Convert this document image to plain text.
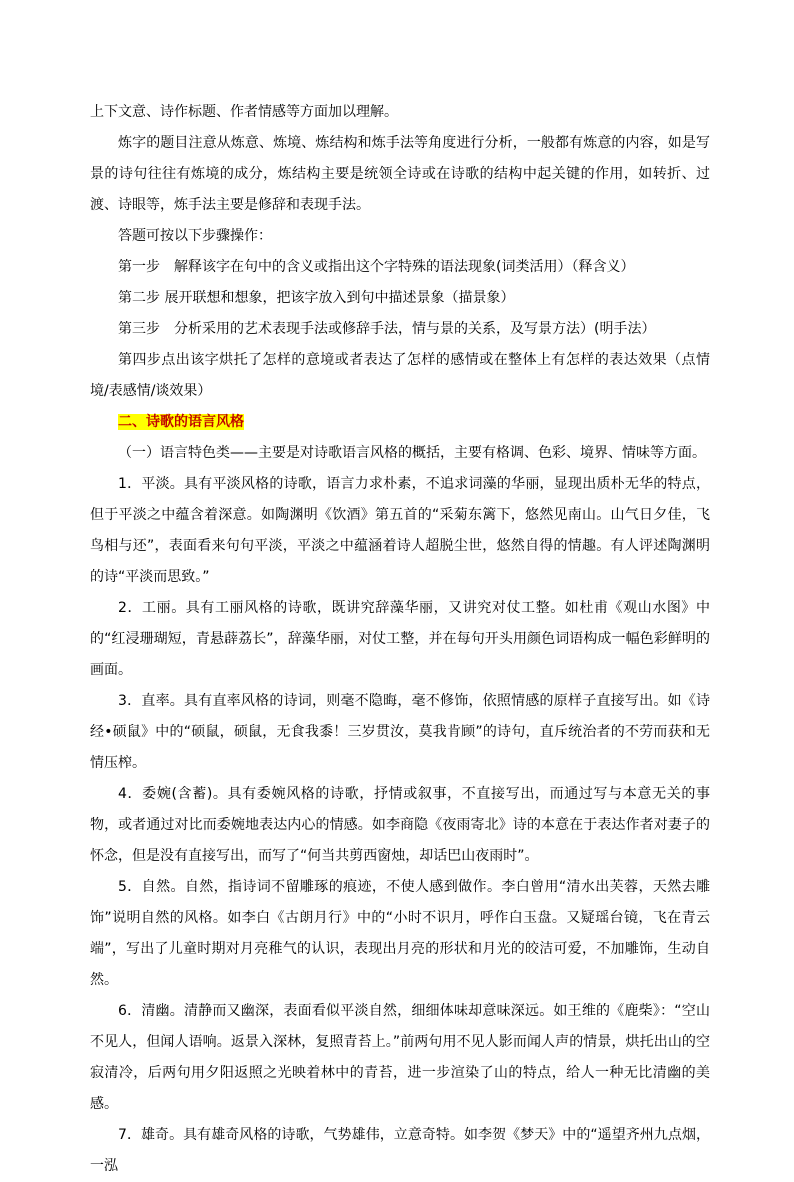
上下文意、诗作标题、作者情感等方面加以理解。

炼字的题目注意从炼意、炼境、炼结构和炼手法等角度进行分析，一般都有炼意的内容，如是写景的诗句往往有炼境的成分，炼结构主要是统领全诗或在诗歌的结构中起关键的作用，如转折、过渡、诗眼等，炼手法主要是修辞和表现手法。

答题可按以下步骤操作：

第一步　解释该字在句中的含义或指出这个字特殊的语法现象(词类活用）（释含义）

第二步 展开联想和想象，把该字放入到句中描述景象（描景象）

第三步　分析采用的艺术表现手法或修辞手法，情与景的关系，及写景方法）(明手法）

第四步点出该字烘托了怎样的意境或者表达了怎样的感情或在整体上有怎样的表达效果（点情境/表感情/谈效果）

二、诗歌的语言风格

（一）语言特色类——主要是对诗歌语言风格的概括，主要有格调、色彩、境界、情味等方面。

1．平淡。具有平淡风格的诗歌，语言力求朴素，不追求词藻的华丽，显现出质朴无华的特点，但于平淡之中蕴含着深意。如陶渊明《饮酒》第五首的“采菊东篱下，悠然见南山。山气日夕佳，飞鸟相与还”，表面看来句句平淡，平淡之中蕴涵着诗人超脱尘世，悠然自得的情趣。有人评述陶渊明的诗“平淡而思致。”

2．工丽。具有工丽风格的诗歌，既讲究辞藻华丽，又讲究对仗工整。如杜甫《观山水图》中的“红浸珊瑚短，青悬薜荔长”，辞藻华丽，对仗工整，并在每句开头用颜色词语构成一幅色彩鲜明的画面。

3．直率。具有直率风格的诗词，则毫不隐晦，毫不修饰，依照情感的原样子直接写出。如《诗经•硕鼠》中的“硕鼠，硕鼠，无食我黍！三岁贯汝，莫我肯顾”的诗句，直斥统治者的不劳而获和无情压榨。

4．委婉(含蓄)。具有委婉风格的诗歌，抒情或叙事，不直接写出，而通过写与本意无关的事物，或者通过对比而委婉地表达内心的情感。如李商隐《夜雨寄北》诗的本意在于表达作者对妻子的怀念，但是没有直接写出，而写了“何当共剪西窗烛，却话巴山夜雨时”。

5．自然。自然，指诗词不留雕琢的痕迹，不使人感到做作。李白曾用“清水出芙蓉，天然去雕饰”说明自然的风格。如李白《古朗月行》中的“小时不识月，呼作白玉盘。又疑瑶台镜，飞在青云端”，写出了儿童时期对月亮稚气的认识，表现出月亮的形状和月光的皎洁可爱，不加雕饰，生动自然。

6．清幽。清静而又幽深，表面看似平淡自然，细细体味却意味深远。如王维的《鹿柴》：“空山不见人，但闻人语响。返景入深林，复照青苔上。”前两句用不见人影而闻人声的情景，烘托出山的空寂清冷，后两句用夕阳返照之光映着林中的青苔，进一步渲染了山的特点，给人一种无比清幽的美感。

7．雄奇。具有雄奇风格的诗歌，气势雄伟，立意奇特。如李贺《梦天》中的“遥望齐州九点烟，一泓
